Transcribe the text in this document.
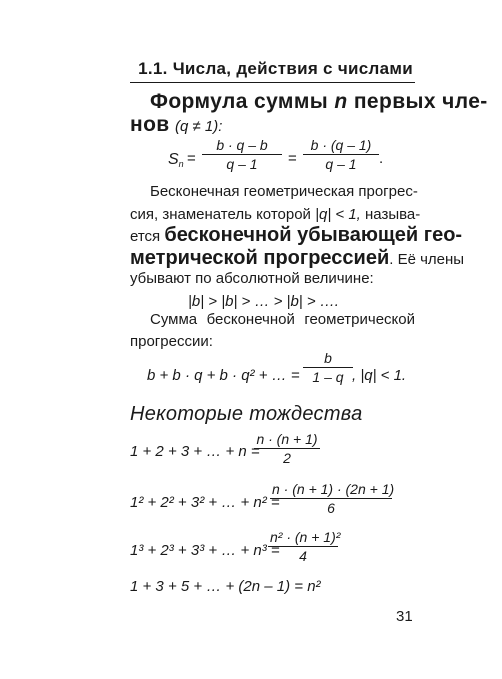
1.1. Числа, действия с числами
Формула суммы n первых чле-
нов (q ≠ 1):
$S_n$ =
b · q – b
q – 1	=
b · (q – 1)
q – 1	.
Бесконечная геометрическая прогрес-
сия, знаменатель которой |q| < 1, называ-
ется бесконечной убывающей гео-
метрической прогрессией. Её члены
убывают по абсолютной величине:
|b| > |b| > … > |b| > ….
Сумма бесконечной геометрической
прогрессии:
b + b · q + b · q² + … =
b
1 – q , |q| < 1.
Некоторые тождества
1 + 2 + 3 + … + n =
n · (n + 1)
2
1² + 2² + 3² + … + n² =
n · (n + 1) · (2n + 1)
6
1³ + 2³ + 3³ + … + n³ =
n² · (n + 1)²
4
1 + 3 + 5 + … + (2n – 1) = n²
31
